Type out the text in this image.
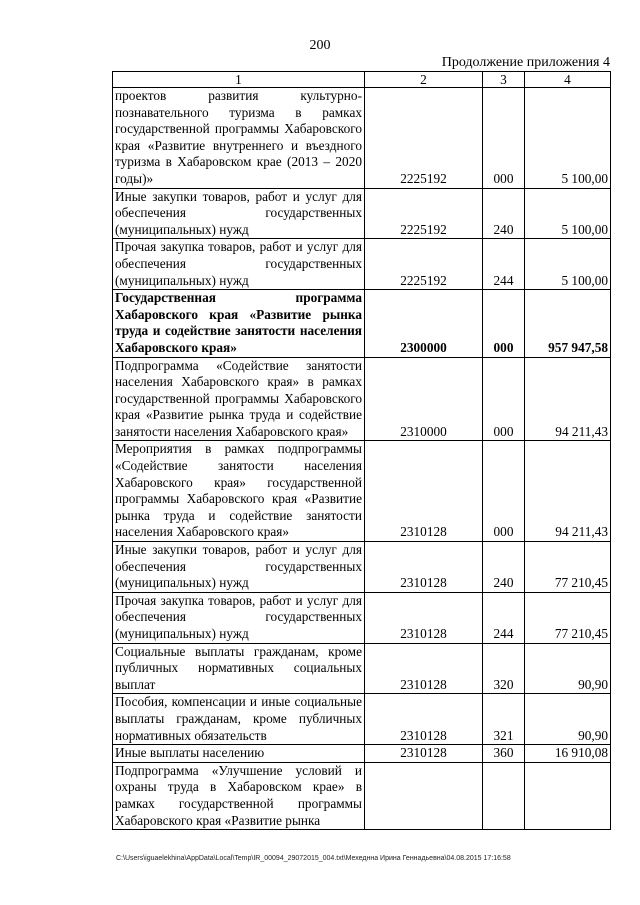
200
Продолжение приложения 4
1	2	3	4
проектов развития культурно-познавательного туризма в рамках государственной программы Хабаровского края «Развитие внутреннего и въездного туризма в Хабаровском крае (2013 – 2020 годы)»	2225192	000	5 100,00
Иные закупки товаров, работ и услуг для обеспечения государственных (муниципальных) нужд	2225192	240	5 100,00
Прочая закупка товаров, работ и услуг для обеспечения государственных (муниципальных) нужд	2225192	244	5 100,00
Государственная программа Хабаровского края «Развитие рынка труда и содействие занятости населения Хабаровского края»	2300000	000	957 947,58
Подпрограмма «Содействие занятости населения Хабаровского края» в рамках государственной программы Хабаровского края «Развитие рынка труда и содействие занятости населения Хабаровского края»	2310000	000	94 211,43
Мероприятия в рамках подпрограммы «Содействие занятости населения Хабаровского края» государственной программы Хабаровского края «Развитие рынка труда и содействие занятости населения Хабаровского края»	2310128	000	94 211,43
Иные закупки товаров, работ и услуг для обеспечения государственных (муниципальных) нужд	2310128	240	77 210,45
Прочая закупка товаров, работ и услуг для обеспечения государственных (муниципальных) нужд	2310128	244	77 210,45
Социальные выплаты гражданам, кроме публичных нормативных социальных выплат	2310128	320	90,90
Пособия, компенсации и иные социальные выплаты гражданам, кроме публичных нормативных обязательств	2310128	321	90,90
Иные выплаты населению	2310128	360	16 910,08
Подпрограмма «Улучшение условий и охраны труда в Хабаровском крае» в рамках государственной программы Хабаровского края «Развитие рынка			
C:\Users\iguaelekhina\AppData\Local\Temp\IR_00094_29072015_004.txt\Мехеднна Ирина Геннадьевна\04.08.2015 17:16:58
